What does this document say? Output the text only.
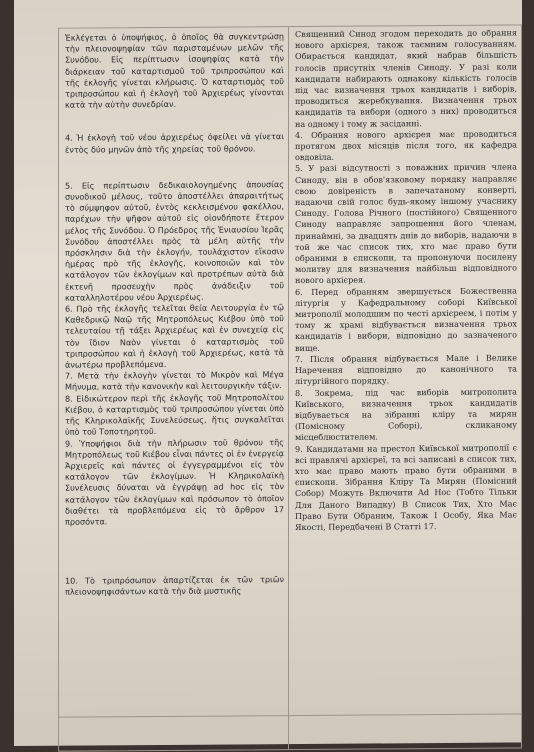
Ἐκλέγεται ὁ ὑποψήφιος, ὁ ὁποῖος θὰ συγκεντρώσῃ τὴν πλειονοψηφίαν τῶν παρισταμένων μελῶν τῆς Συνόδου. Εἰς περίπτωσιν ἰσοψηφίας κατὰ τὴν διάρκειαν τοῦ καταρτισμοῦ τοῦ τριπροσώπου καὶ τῆς ἐκλογῆς γίνεται κλήρωσις. Ὁ καταρτισμὸς τοῦ τριπροσώπου καὶ ἡ ἐκλογὴ τοῦ Ἀρχιερέως γίνονται κατὰ τὴν αὐτὴν συνεδρίαν.

4. Ἡ ἐκλογὴ τοῦ νέου ἀρχιερέως ὀφείλει νὰ γίνεται ἐντὸς δύο μηνῶν ἀπὸ τῆς χηρείας τοῦ θρόνου.

5. Εἰς περίπτωσιν δεδικαιολογημένης ἀπουσίας συνοδικοῦ μέλους, τοῦτο ἀποστέλλει ἀπαραιτήτως τὸ σύμψηφον αὐτοῦ, ἐντὸς κεκλεισμένου φακέλλου, παρέχων τὴν ψῆφον αὐτοῦ εἰς οἱονδήποτε ἕτερον μέλος τῆς Συνόδου. Ὁ Πρόεδρος τῆς Ἐνιαυσίου Ἱερᾶς Συνόδου ἀποστέλλει πρὸς τὰ μέλη αὐτῆς τὴν πρόσκλησιν διὰ τὴν ἐκλογήν, τουλάχιστον εἴκοσιν ἡμέρας πρὸ τῆς ἐκλογῆς, κοινοποιῶν καὶ τὸν κατάλογον τῶν ἐκλογίμων καὶ προτρέπων αὐτὰ διὰ ἐκτενῆ προσευχὴν πρὸς ἀνάδειξιν τοῦ καταλληλοτέρου νέου Ἀρχιερέως.

6. Πρὸ τῆς ἐκλογῆς τελεῖται θεία Λειτουργία ἐν τῷ Καθεδρικῷ Ναῷ τῆς Μητροπόλεως Κιέβου ὑπὸ τοῦ τελευταίου τῇ τάξει Ἀρχιερέως καὶ ἐν συνεχείᾳ εἰς τὸν ἴδιον Ναὸν γίνεται ὁ καταρτισμὸς τοῦ τριπροσώπου καὶ ἡ ἐκλογὴ τοῦ Ἀρχιερέως, κατὰ τὰ ἀνωτέρω προβλεπόμενα.

7. Μετὰ τὴν ἐκλογὴν γίνεται τὸ Μικρὸν καὶ Μέγα Μήνυμα, κατὰ τὴν κανονικὴν καὶ λειτουργικὴν τάξιν.

8. Εἰδικώτερον περὶ τῆς ἐκλογῆς τοῦ Μητροπολίτου Κιέβου, ὁ καταρτισμὸς τοῦ τριπροσώπου γίνεται ὑπὸ τῆς Κληρικολαϊκῆς Συνελεύσεως, ἥτις συγκαλεῖται ὑπὸ τοῦ Τοποτηρητοῦ.

9. Ὑποψήφιοι διὰ τὴν πλήρωσιν τοῦ θρόνου τῆς Μητροπόλεως τοῦ Κιέβου εἶναι πάντες οἱ ἐν ἐνεργείᾳ Ἀρχιερεῖς καὶ πάντες οἱ ἐγγεγραμμένοι εἰς τὸν κατάλογον τῶν ἐκλογίμων. Ἡ Κληρικολαϊκὴ Συνέλευσις δύναται νὰ ἐγγράψῃ ad hoc εἰς τὸν κατάλογον τῶν ἐκλογίμων καὶ πρόσωπον τὸ ὁποῖον διαθέτει τὰ προβλεπόμενα εἰς τὸ ἄρθρον 17 προσόντα.

10. Τὸ τριπρόσωπον ἀπαρτίζεται ἐκ τῶν τριῶν πλειονοψηφισάντων κατὰ τὴν διὰ μυστικῆς

Священний Синод згодом переходить до обрання нового архієрея, також таємним голосуванням. Обирається кандидат, який набрав більшість голосів присутніх членів Синоду. У разі коли кандидати набирають однакову кількість голосів під час визначення трьох кандидатів і виборів, проводиться жеребкування. Визначення трьох кандидатів та вибори (одного з них) проводиться на одному і тому ж засіданні.

4. Обрання нового архієрея має проводиться протягом двох місяців після того, як кафедра овдовіла.

5. У разі відсутності з поважних причин члена Синоду, він в обов'язковому порядку направляє свою довіреність в запечатаному конверті, надаючи свій голос будь-якому іншому учаснику Синоду. Голова Річного (постійного) Священного Синоду направляє запрошення його членам, принаймні, за двадцять днів до виборів, надаючи в той же час список тих, хто має право бути обраними в єпископи, та пропонуючи посилену молитву для визначення найбільш відповідного нового архієрея.

6. Перед обранням звершується Божественна літургія у Кафедральному соборі Київської митрополії молодшим по честі архієреєм, і потім у тому ж храмі відбувається визначення трьох кандидатів і вибори, відповідно до зазначеного вище.

7. Після обрання відбувається Мале і Велике Наречення відповідно до канонічного та літургійного порядку.

8. Зокрема, під час виборів митрополита Київського, визначення трьох кандидатів відбувається на зібранні кліру та мирян (Помісному Соборі), скликаному місцеблюстителем.

9. Кандидатами на престол Київської митрополії є всі правлячі архієреї, та всі записані в список тих, хто має право мають право бути обраними в єпископи. Зібрання Кліру Та Мирян (Помісний Собор) Можуть Включити Ad Hoc (Тобто Тільки Для Даного Випадку) В Список Тих, Хто Має Право Бути Обраним, Також І Особу, Яка Має Якості, Передбачені В Статті 17.
